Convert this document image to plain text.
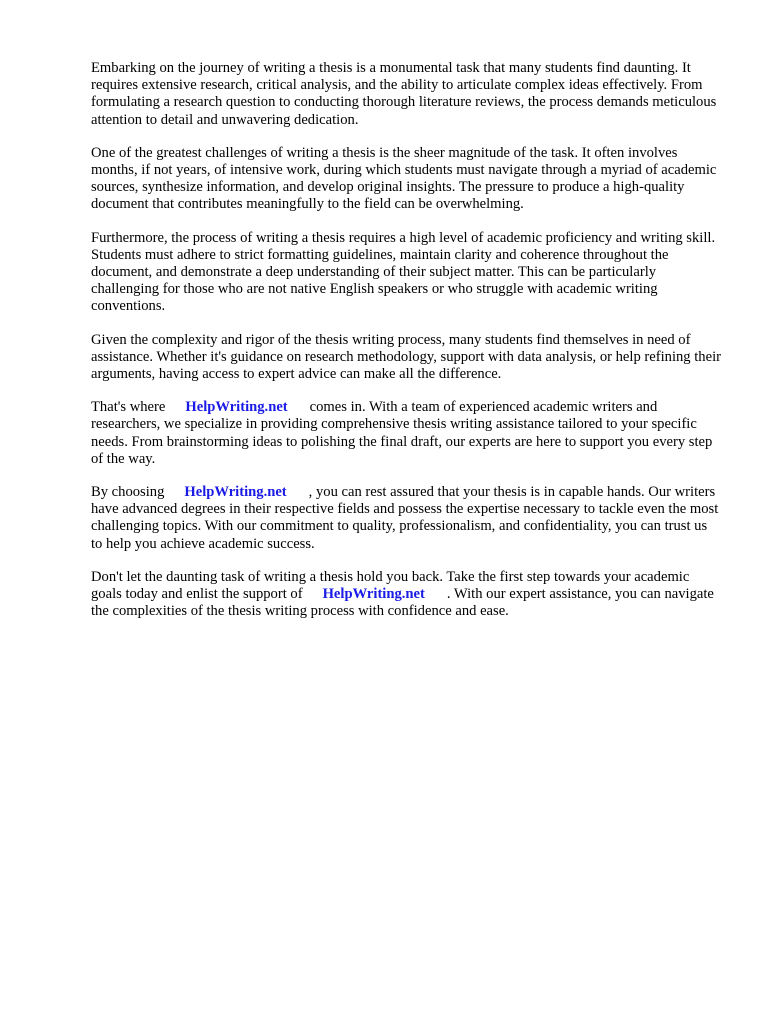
Embarking on the journey of writing a thesis is a monumental task that many students find daunting. It requires extensive research, critical analysis, and the ability to articulate complex ideas effectively. From formulating a research question to conducting thorough literature reviews, the process demands meticulous attention to detail and unwavering dedication.

One of the greatest challenges of writing a thesis is the sheer magnitude of the task. It often involves months, if not years, of intensive work, during which students must navigate through a myriad of academic sources, synthesize information, and develop original insights. The pressure to produce a high-quality document that contributes meaningfully to the field can be overwhelming.

Furthermore, the process of writing a thesis requires a high level of academic proficiency and writing skill. Students must adhere to strict formatting guidelines, maintain clarity and coherence throughout the document, and demonstrate a deep understanding of their subject matter. This can be particularly challenging for those who are not native English speakers or who struggle with academic writing conventions.

Given the complexity and rigor of the thesis writing process, many students find themselves in need of assistance. Whether it's guidance on research methodology, support with data analysis, or help refining their arguments, having access to expert advice can make all the difference.

That's where HelpWriting.net comes in. With a team of experienced academic writers and researchers, we specialize in providing comprehensive thesis writing assistance tailored to your specific needs. From brainstorming ideas to polishing the final draft, our experts are here to support you every step of the way.

By choosing HelpWriting.net , you can rest assured that your thesis is in capable hands. Our writers have advanced degrees in their respective fields and possess the expertise necessary to tackle even the most challenging topics. With our commitment to quality, professionalism, and confidentiality, you can trust us to help you achieve academic success.

Don't let the daunting task of writing a thesis hold you back. Take the first step towards your academic goals today and enlist the support of HelpWriting.net . With our expert assistance, you can navigate the complexities of the thesis writing process with confidence and ease.
